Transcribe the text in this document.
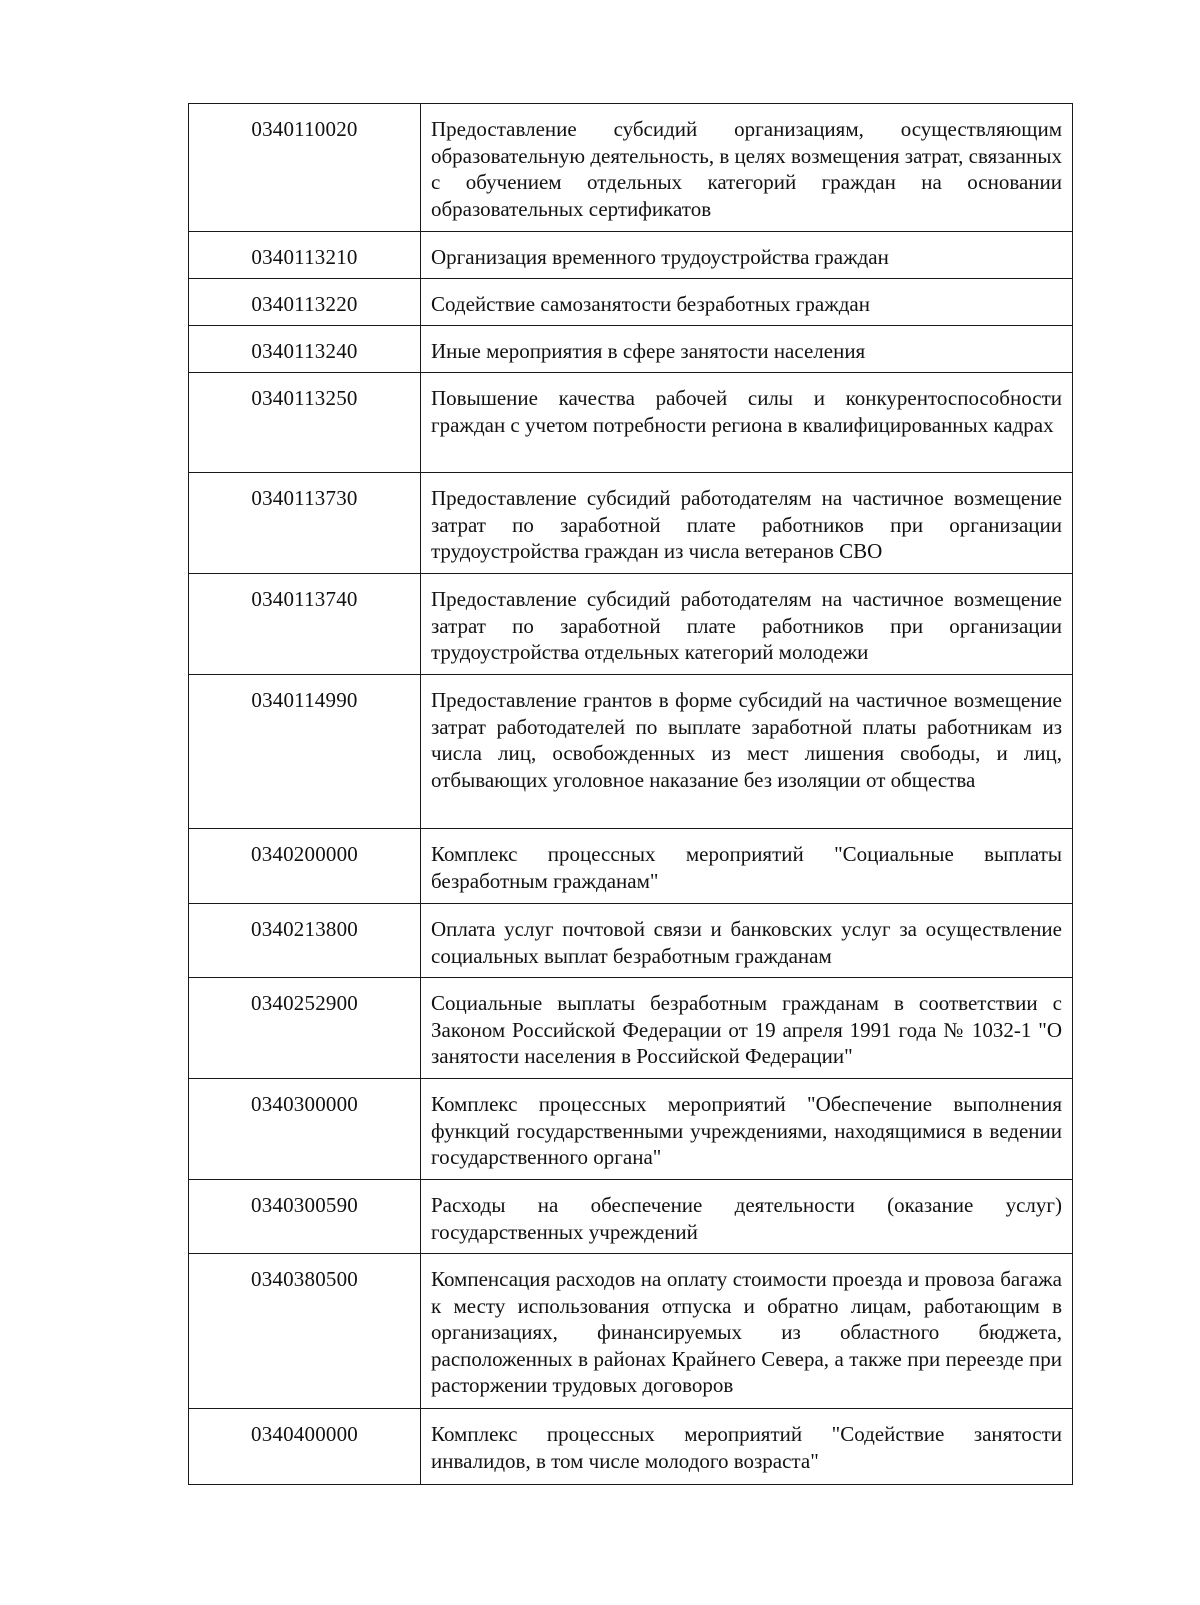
0340110020	Предоставление субсидий организациям, осуществляющим образовательную деятельность, в целях возмещения затрат, связанных с обучением отдельных категорий граждан на основании образовательных сертификатов
0340113210	Организация временного трудоустройства граждан
0340113220	Содействие самозанятости безработных граждан
0340113240	Иные мероприятия в сфере занятости населения
0340113250	Повышение качества рабочей силы и конкурентоспособности граждан с учетом потребности региона в квалифицированных кадрах
0340113730	Предоставление субсидий работодателям на частичное возмещение затрат по заработной плате работников при организации трудоустройства граждан из числа ветеранов СВО
0340113740	Предоставление субсидий работодателям на частичное возмещение затрат по заработной плате работников при организации трудоустройства отдельных категорий молодежи
0340114990	Предоставление грантов в форме субсидий на частичное возмещение затрат работодателей по выплате заработной платы работникам из числа лиц, освобожденных из мест лишения свободы, и лиц, отбывающих уголовное наказание без изоляции от общества
0340200000	Комплекс процессных мероприятий "Социальные выплаты безработным гражданам"
0340213800	Оплата услуг почтовой связи и банковских услуг за осуществление социальных выплат безработным гражданам
0340252900	Социальные выплаты безработным гражданам в соответствии с Законом Российской Федерации от 19 апреля 1991 года № 1032-1 "О занятости населения в Российской Федерации"
0340300000	Комплекс процессных мероприятий "Обеспечение выполнения функций государственными учреждениями, находящимися в ведении государственного органа"
0340300590	Расходы на обеспечение деятельности (оказание услуг) государственных учреждений
0340380500	Компенсация расходов на оплату стоимости проезда и провоза багажа к месту использования отпуска и обратно лицам, работающим в организациях, финансируемых из областного бюджета, расположенных в районах Крайнего Севера, а также при переезде при расторжении трудовых договоров
0340400000	Комплекс процессных мероприятий "Содействие занятости инвалидов, в том числе молодого возраста"
